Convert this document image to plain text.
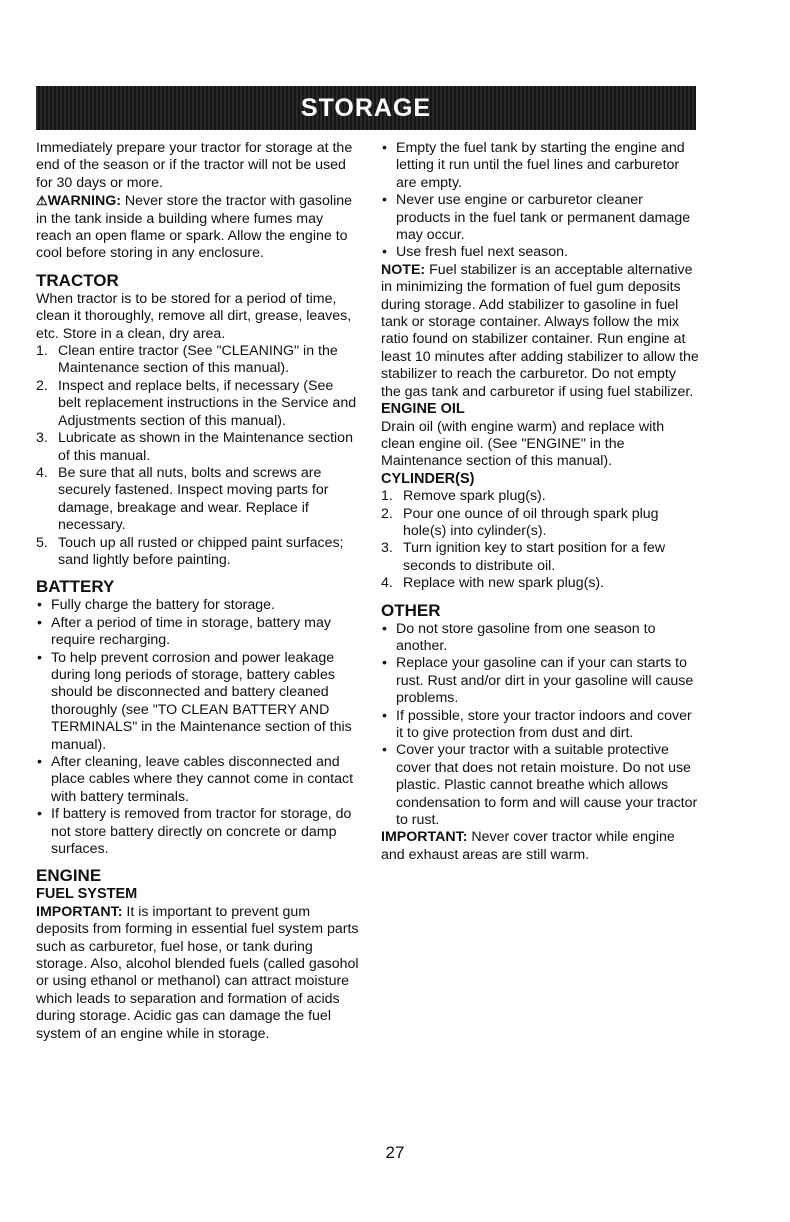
STORAGE

Immediately prepare your tractor for storage at the end of the season or if the tractor will not be used for 30 days or more.

⚠WARNING: Never store the tractor with gasoline in the tank inside a building where fumes may reach an open flame or spark. Allow the engine to cool before storing in any enclosure.

TRACTOR

When tractor is to be stored for a period of time, clean it thoroughly, remove all dirt, grease, leaves, etc. Store in a clean, dry area.

1. Clean entire tractor (See "CLEANING" in the Maintenance section of this manual).
2. Inspect and replace belts, if necessary (See belt replacement instructions in the Service and Adjustments section of this manual).
3. Lubricate as shown in the Maintenance section of this manual.
4. Be sure that all nuts, bolts and screws are securely fastened. Inspect moving parts for damage, breakage and wear. Replace if necessary.
5. Touch up all rusted or chipped paint surfaces; sand lightly before painting.
BATTERY
• Fully charge the battery for storage.
• After a period of time in storage, battery may require recharging.
• To help prevent corrosion and power leakage during long periods of storage, battery cables should be disconnected and battery cleaned thoroughly (see "TO CLEAN BATTERY AND TERMINALS" in the Maintenance section of this manual).
• After cleaning, leave cables disconnected and place cables where they cannot come in contact with battery terminals.
• If battery is removed from tractor for storage, do not store battery directly on concrete or damp surfaces.
ENGINE
FUEL SYSTEM

IMPORTANT: It is important to prevent gum deposits from forming in essential fuel system parts such as carburetor, fuel hose, or tank during storage. Also, alcohol blended fuels (called gasohol or using ethanol or methanol) can attract moisture which leads to separation and formation of acids during storage. Acidic gas can damage the fuel system of an engine while in storage.

• Empty the fuel tank by starting the engine and letting it run until the fuel lines and carburetor are empty.
• Never use engine or carburetor cleaner products in the fuel tank or permanent damage may occur.
• Use fresh fuel next season.

NOTE: Fuel stabilizer is an acceptable alternative in minimizing the formation of fuel gum deposits during storage. Add stabilizer to gasoline in fuel tank or storage container. Always follow the mix ratio found on stabilizer container. Run engine at least 10 minutes after adding stabilizer to allow the stabilizer to reach the carburetor. Do not empty the gas tank and carburetor if using fuel stabilizer.

ENGINE OIL

Drain oil (with engine warm) and replace with clean engine oil. (See "ENGINE" in the Maintenance section of this manual).

CYLINDER(S)
1. Remove spark plug(s).
2. Pour one ounce of oil through spark plug hole(s) into cylinder(s).
3. Turn ignition key to start position for a few seconds to distribute oil.
4. Replace with new spark plug(s).
OTHER
• Do not store gasoline from one season to another.
• Replace your gasoline can if your can starts to rust. Rust and/or dirt in your gasoline will cause problems.
• If possible, store your tractor indoors and cover it to give protection from dust and dirt.
• Cover your tractor with a suitable protective cover that does not retain moisture. Do not use plastic. Plastic cannot breathe which allows condensation to form and will cause your tractor to rust.

IMPORTANT: Never cover tractor while engine and exhaust areas are still warm.

27
